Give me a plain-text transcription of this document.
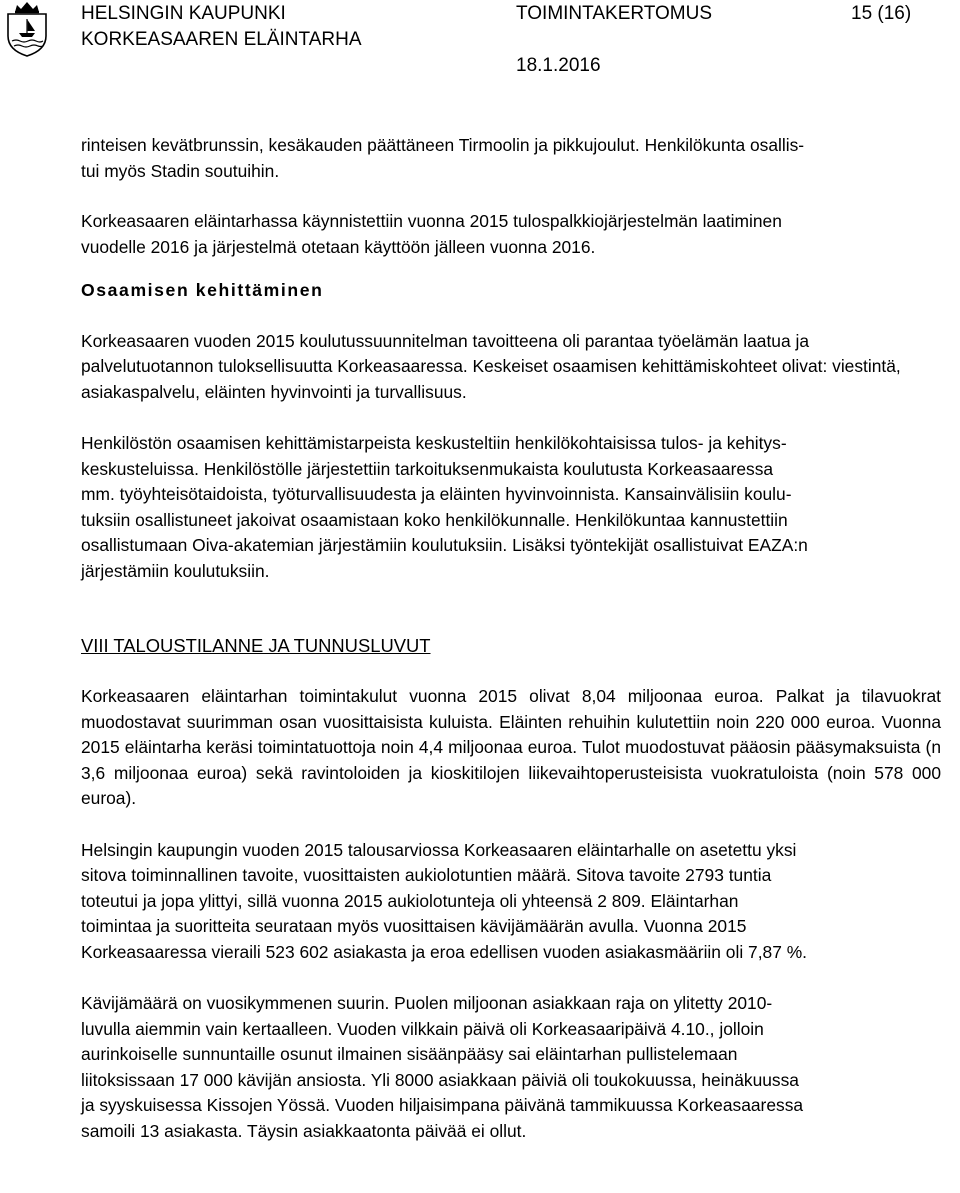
HELSINGIN KAUPUNKI
KORKEASAAREN ELÄINTARHA
TOIMINTAKERTOMUS
18.1.2016
15 (16)

rinteisen kevätbrunssin, kesäkauden päättäneen Tirmoolin ja pikkujoulut. Henkilökunta osallis-
tui myös Stadin soutuihin.

Korkeasaaren eläintarhassa käynnistettiin vuonna 2015 tulospalkkiojärjestelmän laatiminen
vuodelle 2016 ja järjestelmä otetaan käyttöön jälleen vuonna 2016.

Osaamisen kehittäminen

Korkeasaaren vuoden 2015 koulutussuunnitelman tavoitteena oli parantaa työelämän laatua ja palvelutuotannon tuloksellisuutta Korkeasaaressa. Keskeiset osaamisen kehittämiskohteet olivat: viestintä, asiakaspalvelu, eläinten hyvinvointi ja turvallisuus.

Henkilöstön osaamisen kehittämistarpeista keskusteltiin henkilökohtaisissa tulos- ja kehitys-
keskusteluissa. Henkilöstölle järjestettiin tarkoituksenmukaista koulutusta Korkeasaaressa
mm. työyhteisötaidoista, työturvallisuudesta ja eläinten hyvinvoinnista. Kansainvälisiin koulu-
tuksiin osallistuneet jakoivat osaamistaan koko henkilökunnalle. Henkilökuntaa kannustettiin
osallistumaan Oiva-akatemian järjestämiin koulutuksiin. Lisäksi työntekijät osallistuivat EAZA:n
järjestämiin koulutuksiin.

VIII TALOUSTILANNE JA TUNNUSLUVUT

Korkeasaaren eläintarhan toimintakulut vuonna 2015 olivat 8,04 miljoonaa euroa. Palkat ja tilavuokrat muodostavat suurimman osan vuosittaisista kuluista. Eläinten rehuihin kulutettiin noin 220 000 euroa. Vuonna 2015 eläintarha keräsi toimintatuottoja noin 4,4 miljoonaa euroa. Tulot muodostuvat pääosin pääsymaksuista (n 3,6 miljoonaa euroa) sekä ravintoloiden ja kioskitilojen liikevaihtoperusteisista vuokratuloista (noin 578 000 euroa).

Helsingin kaupungin vuoden 2015 talousarviossa Korkeasaaren eläintarhalle on asetettu yksi
sitova toiminnallinen tavoite, vuosittaisten aukiolotuntien määrä. Sitova tavoite 2793 tuntia
toteutui ja jopa ylittyi, sillä vuonna 2015 aukiolotunteja oli yhteensä 2 809. Eläintarhan
toimintaa ja suoritteita seurataan myös vuosittaisen kävijämäärän avulla. Vuonna 2015
Korkeasaaressa vieraili 523 602 asiakasta ja eroa edellisen vuoden asiakasmääriin oli 7,87 %.

Kävijämäärä on vuosikymmenen suurin. Puolen miljoonan asiakkaan raja on ylitetty 2010-
luvulla aiemmin vain kertaalleen. Vuoden vilkkain päivä oli Korkeasaaripäivä 4.10., jolloin
aurinkoiselle sunnuntaille osunut ilmainen sisäänpääsy sai eläintarhan pullistelemaan
liitoksissaan 17 000 kävijän ansiosta. Yli 8000 asiakkaan päiviä oli toukokuussa, heinäkuussa
ja syyskuisessa Kissojen Yössä. Vuoden hiljaisimpana päivänä tammikuussa Korkeasaaressa
samoili 13 asiakasta. Täysin asiakkaatonta päivää ei ollut.
